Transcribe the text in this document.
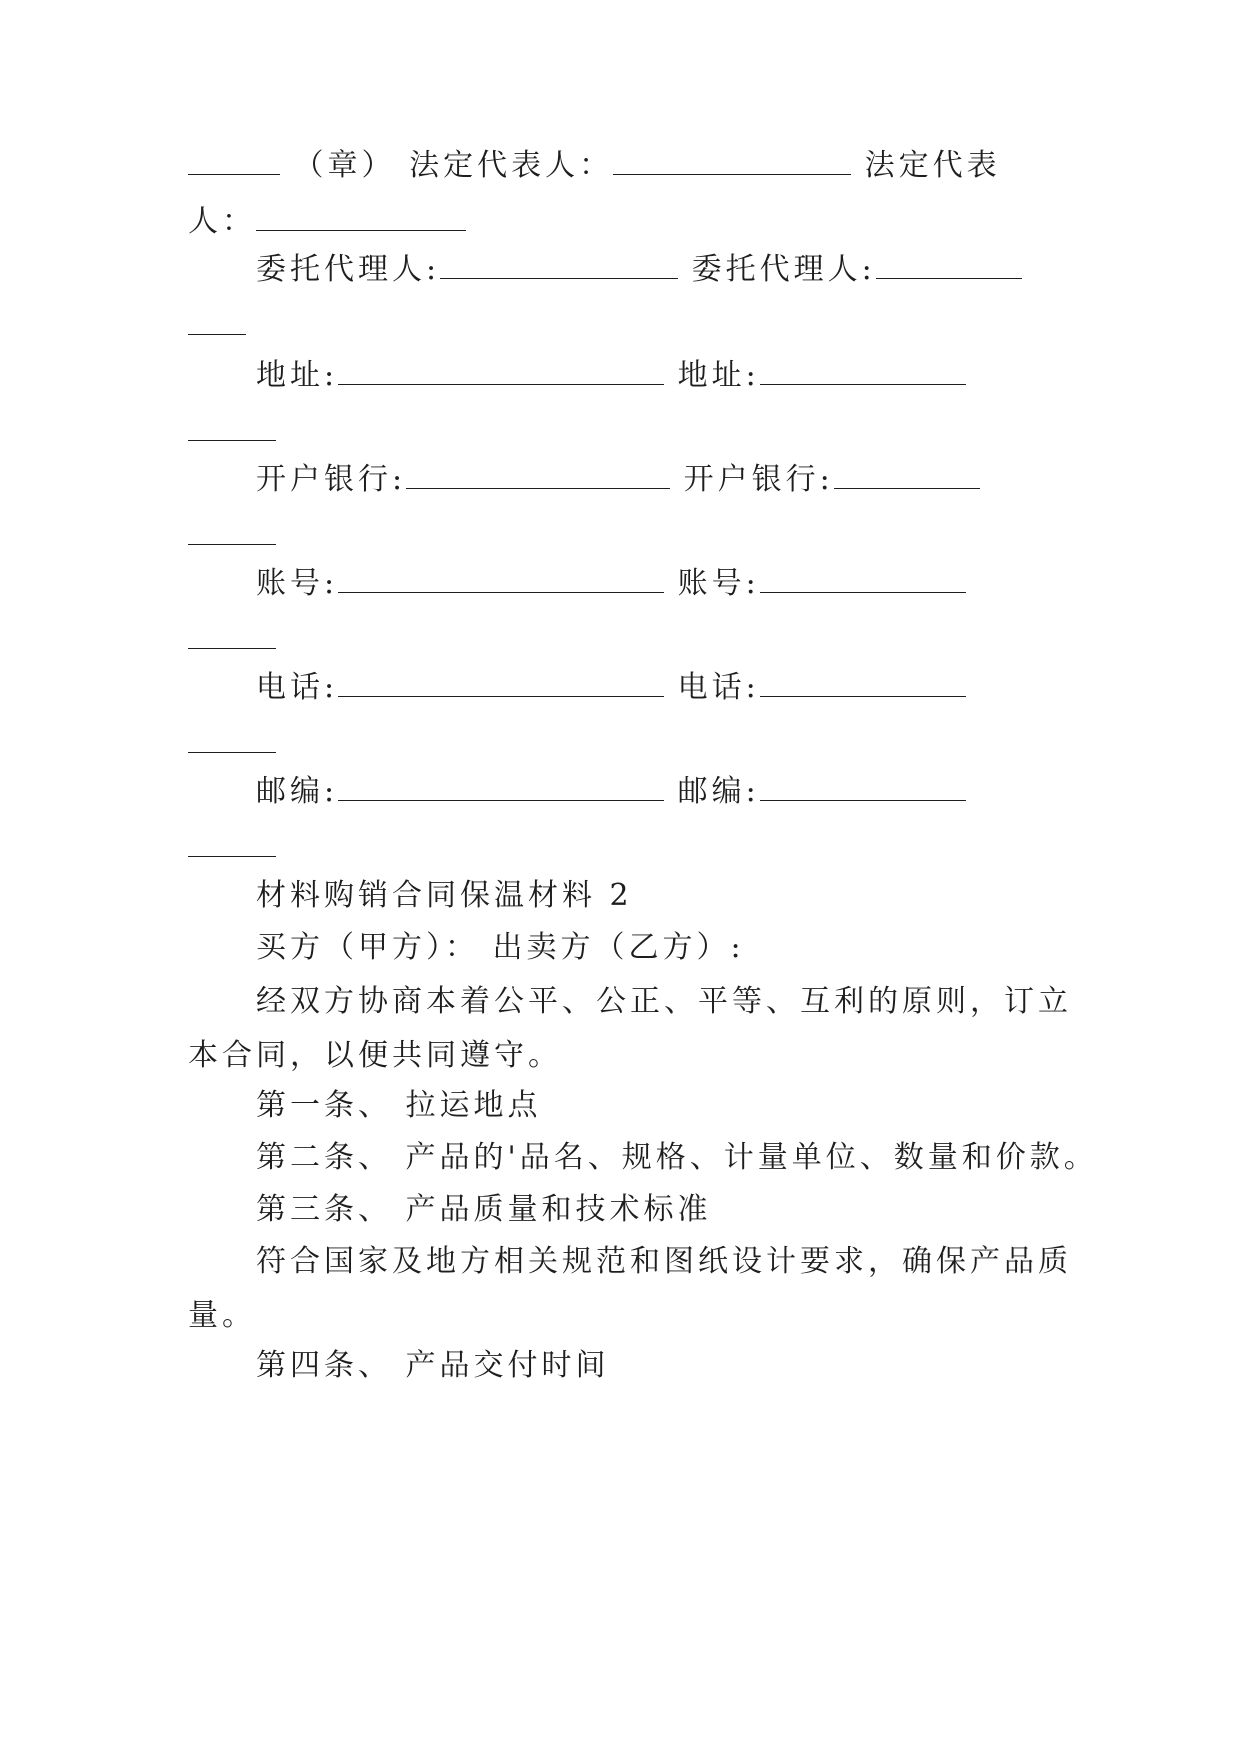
（章） 法定代表人：	法定代表
人：
委托代理人:	委托代理人:
地址:	地址:
开户银行:	开户银行:
账号:	账号:
电话:	电话:
邮编:	邮编:
材料购销合同保温材料 2
买方（甲方）： 出卖方（乙方）:
经双方协商本着公平、公正、平等、互利的原则，订立
本合同，以便共同遵守。
第一条、 拉运地点
第二条、 产品的'品名、规格、计量单位、数量和价款。
第三条、 产品质量和技术标准
符合国家及地方相关规范和图纸设计要求，确保产品质
量。
第四条、 产品交付时间
